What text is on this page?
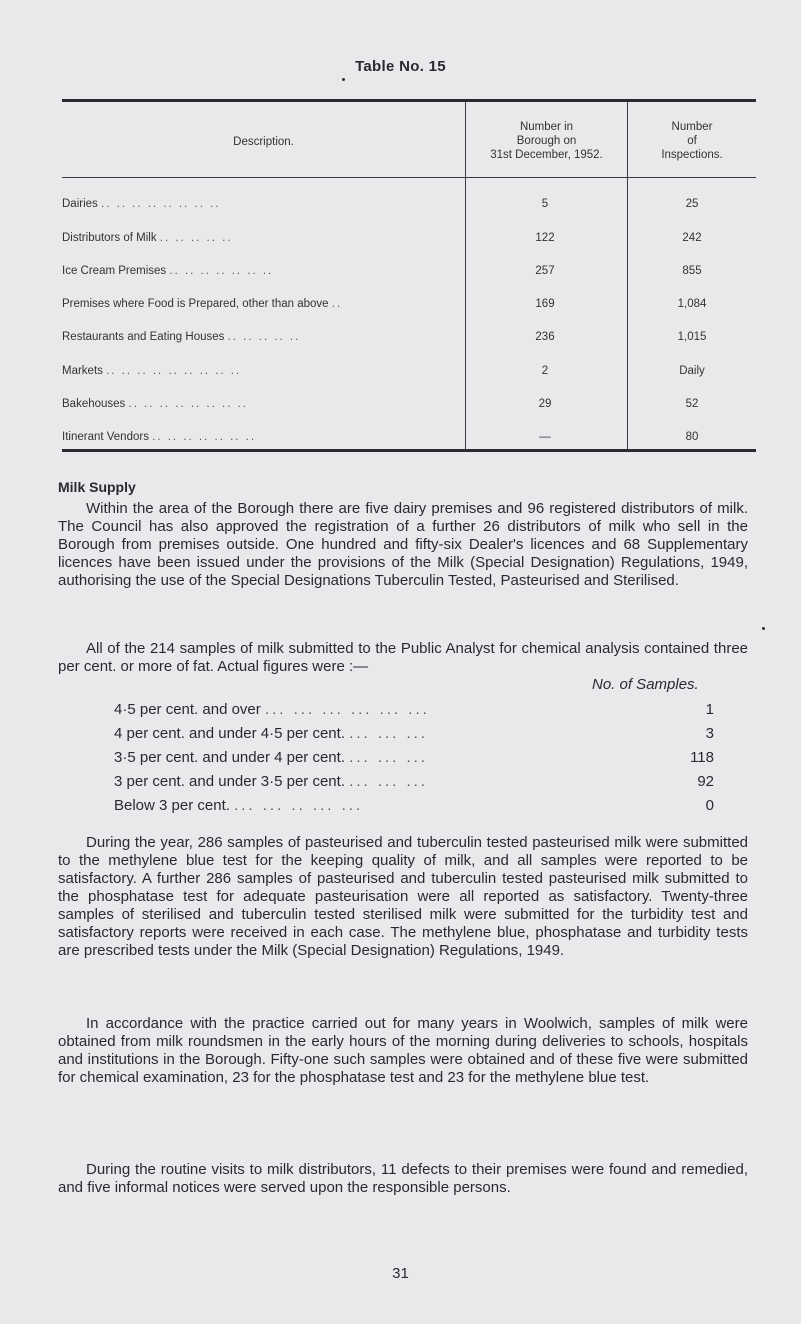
Table No. 15
Description.
Number in
Borough on
31st December, 1952.
Number
of
Inspections.
Dairies .. .. .. .. .. .. .. ..	5	25
Distributors of Milk .. .. .. .. ..	122	242
Ice Cream Premises .. .. .. .. .. .. ..	257	855
Premises where Food is Prepared, other than above ..	169	1,084
Restaurants and Eating Houses .. .. .. .. ..	236	1,015
Markets .. .. .. .. .. .. .. .. ..	2	Daily
Bakehouses .. .. .. .. .. .. .. ..	29	52
Itinerant Vendors .. .. .. .. .. .. ..	—	80
Milk Supply

Within the area of the Borough there are five dairy premises and 96 registered distributors of milk. The Council has also approved the registration of a further 26 distributors of milk who sell in the Borough from premises outside. One hundred and fifty-six Dealer's licences and 68 Supplementary licences have been issued under the provisions of the Milk (Special Designation) Regulations, 1949, authorising the use of the Special Designations Tuberculin Tested, Pasteurised and Sterilised.

All of the 214 samples of milk submitted to the Public Analyst for chemical analysis contained three per cent. or more of fat. Actual figures were :—

No. of Samples.
4·5 per cent. and over ... ... ... ... ... ...	1
4 per cent. and under 4·5 per cent. ... ... ...	3
3·5 per cent. and under 4 per cent. ... ... ...	118
3 per cent. and under 3·5 per cent. ... ... ...	92
Below 3 per cent. ... ... .. ... ...	0

During the year, 286 samples of pasteurised and tuberculin tested pasteurised milk were submitted to the methylene blue test for the keeping quality of milk, and all samples were reported to be satisfactory. A further 286 samples of pasteurised and tuberculin tested pasteurised milk submitted to the phosphatase test for adequate pasteurisation were all reported as satisfactory. Twenty-three samples of sterilised and tuberculin tested sterilised milk were submitted for the turbidity test and satisfactory reports were received in each case. The methylene blue, phosphatase and turbidity tests are prescribed tests under the Milk (Special Designation) Regulations, 1949.

In accordance with the practice carried out for many years in Woolwich, samples of milk were obtained from milk roundsmen in the early hours of the morning during deliveries to schools, hospitals and institutions in the Borough. Fifty-one such samples were obtained and of these five were submitted for chemical examination, 23 for the phosphatase test and 23 for the methylene blue test.

During the routine visits to milk distributors, 11 defects to their premises were found and remedied, and five informal notices were served upon the responsible persons.

31
